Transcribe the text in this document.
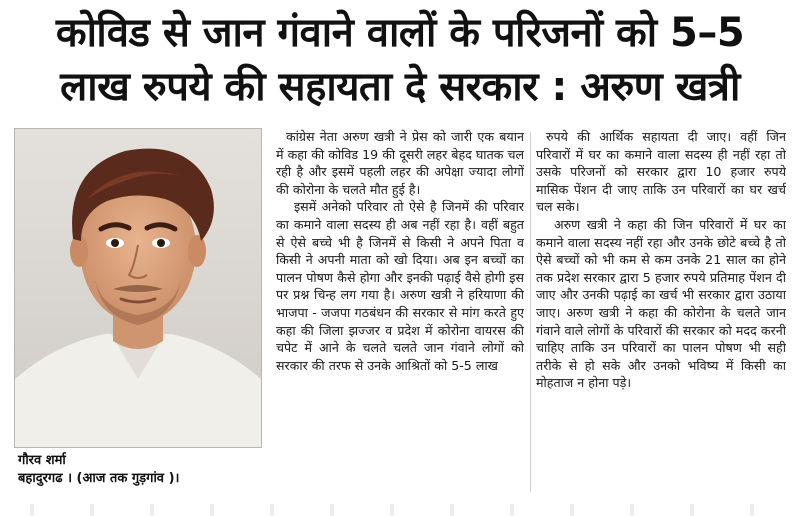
कोविड से जान गंवाने वालों के परिजनों को 5–5
लाख रुपये की सहायता दे सरकार : अरुण खत्री
गौरव शर्मा
बहादुरगढ । (आज तक गुड़गांव )।

कांग्रेस नेता अरुण खत्री ने प्रेस को जारी एक बयान में कहा की कोविड 19 की दूसरी लहर बेहद घातक चल रही है और इसमें पहली लहर की अपेक्षा ज्यादा लोगों की कोरोना के चलते मौत हुई है।

इसमें अनेको परिवार तो ऐसे है जिनमें की परिवार का कमाने वाला सदस्य ही अब नहीं रहा है। वहीं बहुत से ऐसे बच्चे भी है जिनमें से किसी ने अपने पिता व किसी ने अपनी माता को खो दिया। अब इन बच्चों का पालन पोषण कैसे होगा और इनकी पढ़ाई वैसे होगी इस पर प्रश्न चिन्ह लग गया है। अरुण खत्री ने हरियाणा की भाजपा - जजपा गठबंधन की सरकार से मांग करते हुए कहा की जिला झज्जर व प्रदेश में कोरोना वायरस की चपेट में आने के चलते चलते जान गंवाने लोगों को सरकार की तरफ से उनके आश्रितों को 5-5 लाख

रुपये की आर्थिक सहायता दी जाए। वहीं जिन परिवारों में घर का कमाने वाला सदस्य ही नहीं रहा तो उसके परिजनों को सरकार द्वारा 10 हजार रुपये मासिक पेंशन दी जाए ताकि उन परिवारों का घर खर्च चल सके।

अरुण खत्री ने कहा की जिन परिवारों में घर का कमाने वाला सदस्य नहीं रहा और उनके छोटे बच्चे है तो ऐसे बच्चों को भी कम से कम उनके 21 साल का होने तक प्रदेश सरकार द्वारा 5 हजार रुपये प्रतिमाह पेंशन दी जाए और उनकी पढ़ाई का खर्च भी सरकार द्वारा उठाया जाए। अरुण खत्री ने कहा की कोरोना के चलते जान गंवाने वाले लोगों के परिवारों की सरकार को मदद करनी चाहिए ताकि उन परिवारों का पालन पोषण भी सही तरीके से हो सके और उनको भविष्य में किसी का मोहताज न होना पड़े।
